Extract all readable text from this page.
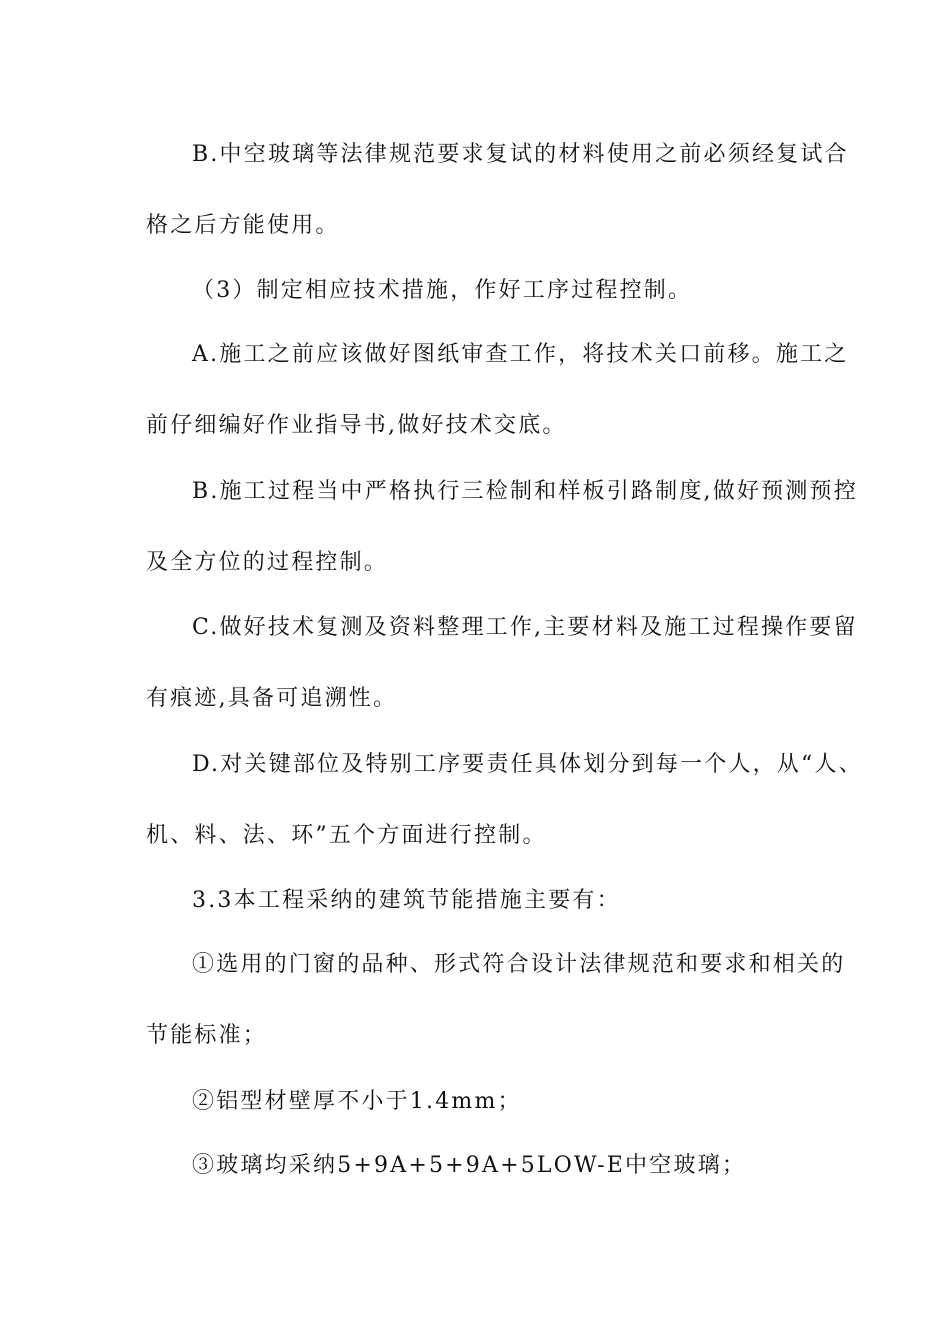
B.中空玻璃等法律规范要求复试的材料使用之前必须经复试合
格之后方能使用。
（3）制定相应技术措施，作好工序过程控制。
A.施工之前应该做好图纸审查工作，将技术关口前移。施工之
前仔细编好作业指导书,做好技术交底。
B.施工过程当中严格执行三检制和样板引路制度,做好预测预控
及全方位的过程控制。
C.做好技术复测及资料整理工作,主要材料及施工过程操作要留
有痕迹,具备可追溯性。
D.对关键部位及特别工序要责任具体划分到每一个人，从“人、
机、料、法、环”五个方面进行控制。
3.3本工程采纳的建筑节能措施主要有：
①选用的门窗的品种、形式符合设计法律规范和要求和相关的
节能标准；
②铝型材壁厚不小于1.4mm；
③玻璃均采纳5+9A+5+9A+5LOW-E中空玻璃；
